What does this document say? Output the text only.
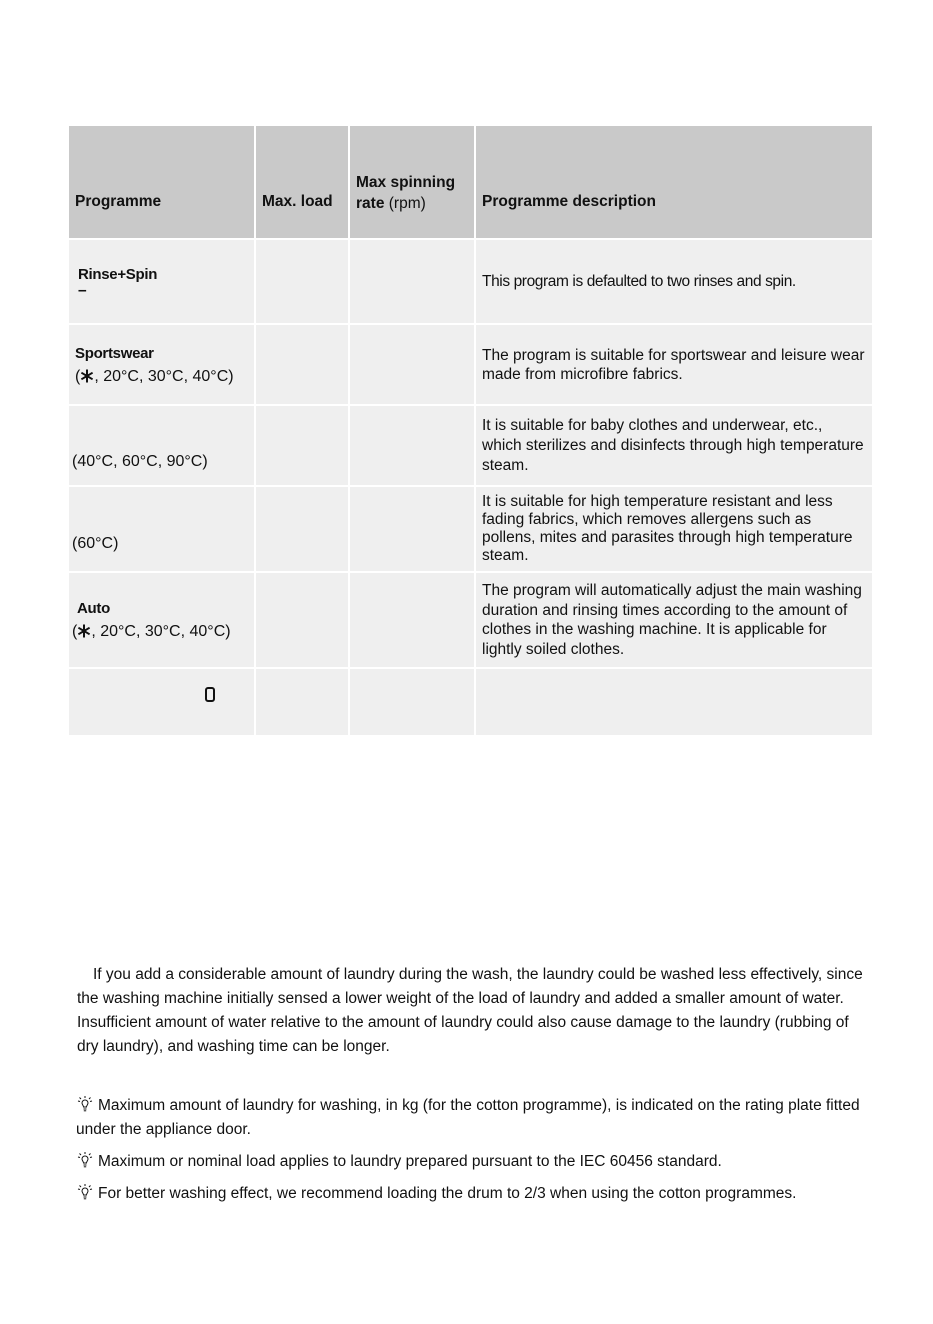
Programme	Max. load	Max spinning
rate (rpm)	Programme description

Rinse+Spin
–			This program is defaulted to two rinses and spin.

Sportswear
( , 20°C, 30°C, 40°C)			The program is suitable for sportswear and leisure wear made from microfibre fabrics.

(40°C, 60°C, 90°C)			It is suitable for baby clothes and underwear, etc., which sterilizes and disinfects through high temperature steam.

(60°C)			It is suitable for high temperature resistant and less fading fabrics, which removes allergens such as pollens, mites and parasites through high temperature steam.

Auto
( , 20°C, 30°C, 40°C)			The program will automatically adjust the main washing duration and rinsing times according to the amount of clothes in the washing machine. It is applicable for lightly soiled clothes.

If you add a considerable amount of laundry during the wash, the laundry could be washed less effectively, since the washing machine initially sensed a lower weight of the load of laundry and added a smaller amount of water. Insufficient amount of water relative to the amount of laundry could also cause damage to the laundry (rubbing of dry laundry), and washing time can be longer.

Maximum amount of laundry for washing, in kg (for the cotton programme), is indicated on the rating plate fitted under the appliance door.

Maximum or nominal load applies to laundry prepared pursuant to the IEC 60456 standard.

For better washing effect, we recommend loading the drum to 2/3 when using the cotton programmes.
